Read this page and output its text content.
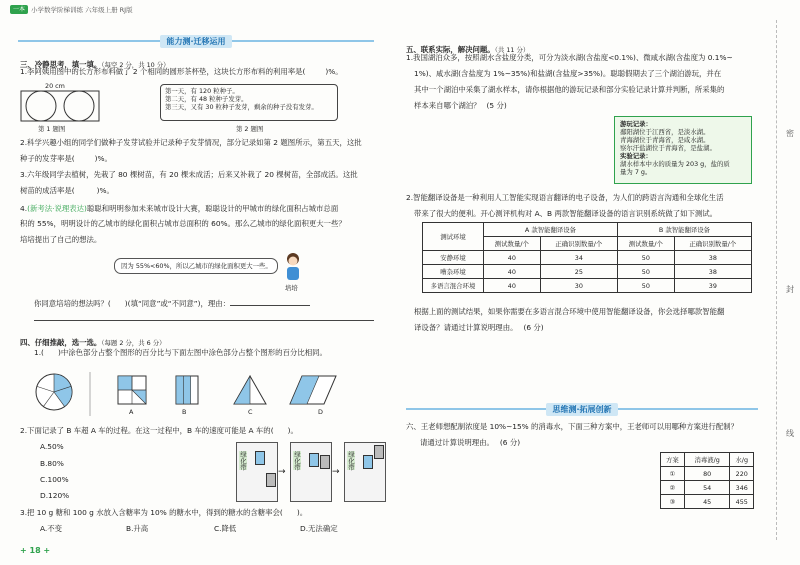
一本 小学数学阶梯训练 六年级上册 RJ版
能力测·迁移运用
三、冷静思考，填一填。（每空 2 分，共 10 分）
1.李阿姨用图中的长方形布料做了 2 个相同的圆形茶杯垫，这块长方形布料的利用率是(	)%。
20 cm
第 1 题图
第一天，有 120 粒种子。
第二天，有 48 粒种子发芽。
第三天，又有 30 粒种子发芽，剩余的种子没有发芽。
第 2 题图
2.科学兴趣小组的同学们做种子发芽试验并记录种子发芽情况，部分记录如第 2 题图所示，第五天，这批
种子的发芽率是(	)%。
3.六年级同学去植树，先栽了 80 棵树苗，有 20 棵未成活；后来又补栽了 20 棵树苗，全部成活。这批
树苗的成活率是(	)%。
4.(新考法·说理表达)聪聪和明明参加未来城市设计大赛，聪聪设计的甲城市的绿化面积占城市总面
积的 55%，明明设计的乙城市的绿化面积占城市总面积的 60%。那么乙城市的绿化面积更大一些？
培培提出了自己的想法。
因为 55%<60%，所以乙城市的绿化面积更大一些。
培培
你同意培培的想法吗？( )(填“同意”或“不同意”)，理由：
四、仔细推敲，选一选。（每题 2 分，共 6 分）
1.( )中涂色部分占整个图形的百分比与下面左图中涂色部分占整个图形的百分比相同。
A	B	C	D
2.下面记录了 B 车超 A 车的过程。在这一过程中，B 车的速度可能是 A 车的( )。
A.50%
B.80%
C.100%
D.120%
绿化带
→
绿化带
→
绿化带
3.把 10 g 糖和 100 g 水放入含糖率为 10% 的糖水中，得到的糖水的含糖率会( )。
A.不变	B.升高	C.降低	D.无法确定
+ 18 +
五、联系实际，解决问题。（共 11 分）
1.我国湖泊众多，按照湖水含盐度分类，可分为淡水湖(含盐度<0.1%)、微咸水湖(含盐度为 0.1%~
1%)、咸水湖(含盐度为 1%~35%)和盐湖(含盐度>35%)。聪聪假期去了三个湖泊游玩，并在
其中一个湖泊中采集了湖水样本，请你根据他的游玩记录和部分实验记录计算并判断，所采集的
样本来自哪个湖泊？ (5 分)
游玩记录：
鄱阳湖位于江西省，是淡水湖。
青海湖位于青海省，是咸水湖。
察尔汗盐湖位于青海省，是盐湖。
实验记录：
湖水样本中水的质量为 203 g，盐的质
量为 7 g。
2.智能翻译设备是一种利用人工智能实现语言翻译的电子设备，为人们的跨语言沟通和全球化生活
带来了很大的便利。开心测评机构对 A、B 两款智能翻译设备的语言识别系统做了如下测试。
测试环境	A 款智能翻译设备		B 款智能翻译设备	
	测试数量/个	正确识别数量/个	测试数量/个	正确识别数量/个
安静环境	40	34	50	38
嘈杂环境	40	25	50	38
多语言混合环境	40	30	50	39
根据上面的测试结果，如果你需要在多语言混合环境中使用智能翻译设备，你会选择哪款智能翻
译设备？请通过计算说明理由。 (6 分)
思维测·拓展创新
六、王老师想配制浓度是 10%~15% 的消毒水，下面三种方案中，王老师可以用哪种方案进行配制？
请通过计算说明理由。 (6 分)
方案	消毒液/g	水/g
①	80	220
②	54	346
③	45	455
密
封
线
